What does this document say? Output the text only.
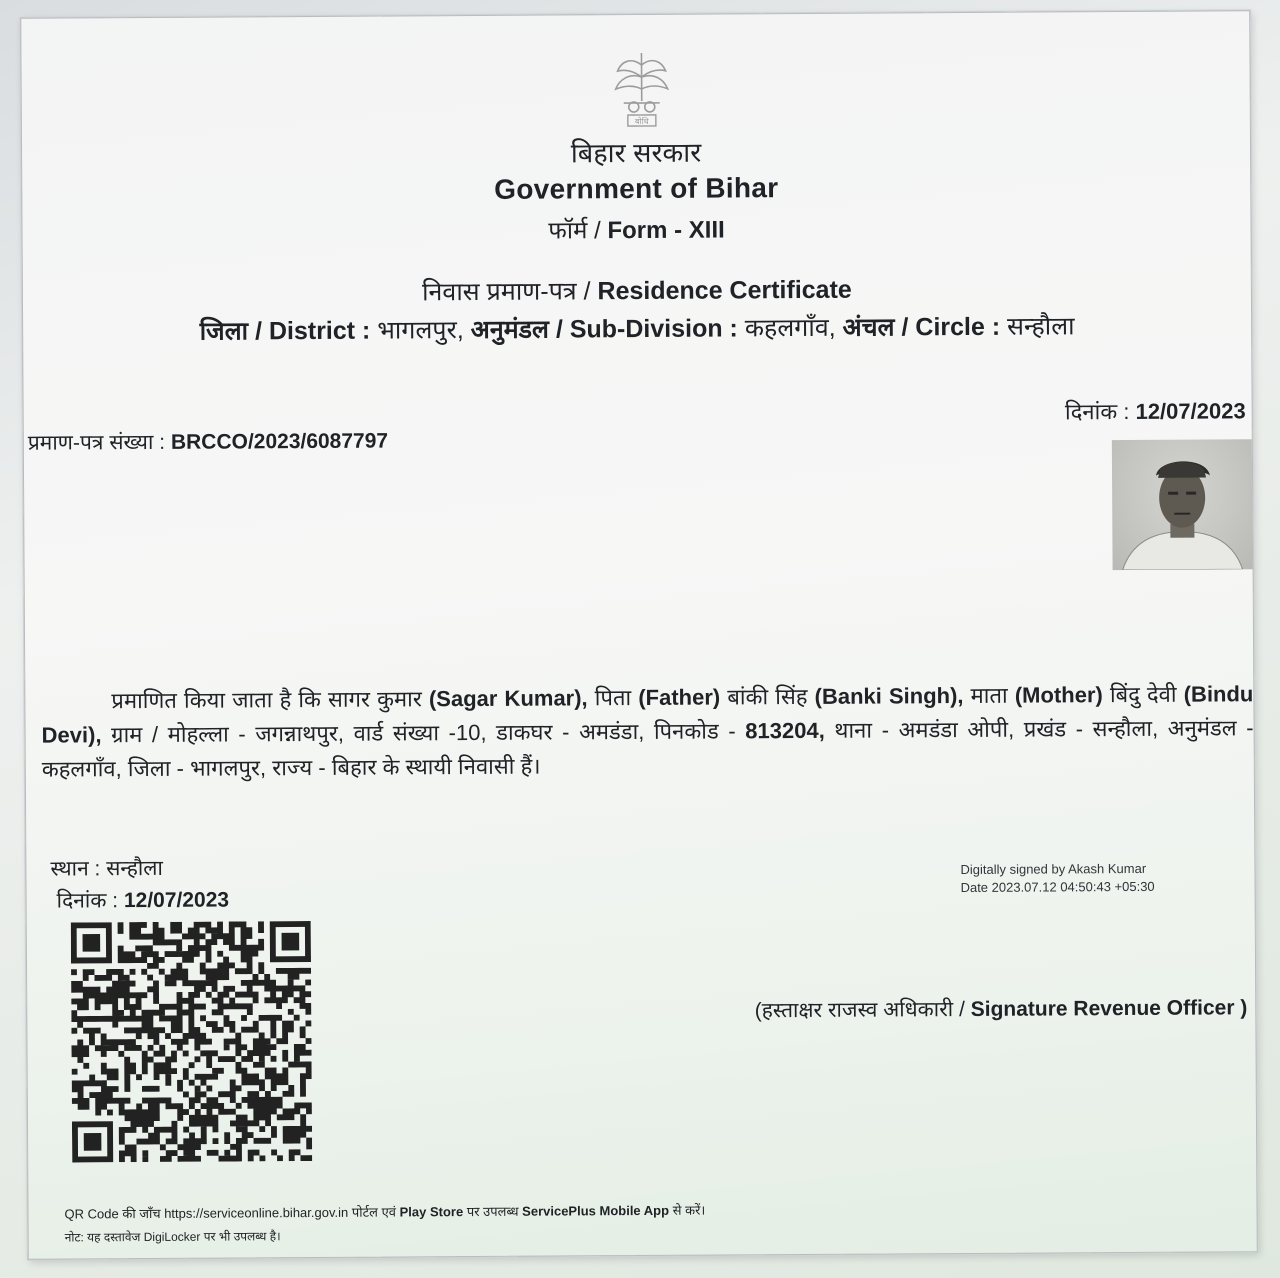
बोधि
बिहार सरकार
Government of Bihar
फॉर्म / Form - XIII
निवास प्रमाण-पत्र / Residence Certificate
जिला / District : भागलपुर, अनुमंडल / Sub-Division : कहलगाँव, अंचल / Circle : सन्हौला
दिनांक : 12/07/2023
प्रमाण-पत्र संख्या : BRCCO/2023/6087797
प्रमाणित किया जाता है कि सागर कुमार (Sagar Kumar), पिता (Father) बांकी सिंह (Banki Singh), माता (Mother) बिंदु देवी (Bindu Devi), ग्राम / मोहल्ला - जगन्नाथपुर, वार्ड संख्या -10, डाकघर - अमडंडा, पिनकोड - 813204, थाना - अमडंडा ओपी, प्रखंड - सन्हौला, अनुमंडल - कहलगाँव, जिला - भागलपुर, राज्य - बिहार के स्थायी निवासी हैं।
स्थान : सन्हौला
दिनांक : 12/07/2023
Digitally signed by Akash Kumar
Date 2023.07.12 04:50:43 +05:30
(हस्ताक्षर राजस्व अधिकारी / Signature Revenue Officer )
QR Code की जाँच https://serviceonline.bihar.gov.in पोर्टल एवं Play Store पर उपलब्ध ServicePlus Mobile App से करें।
नोट: यह दस्तावेज DigiLocker पर भी उपलब्ध है।
